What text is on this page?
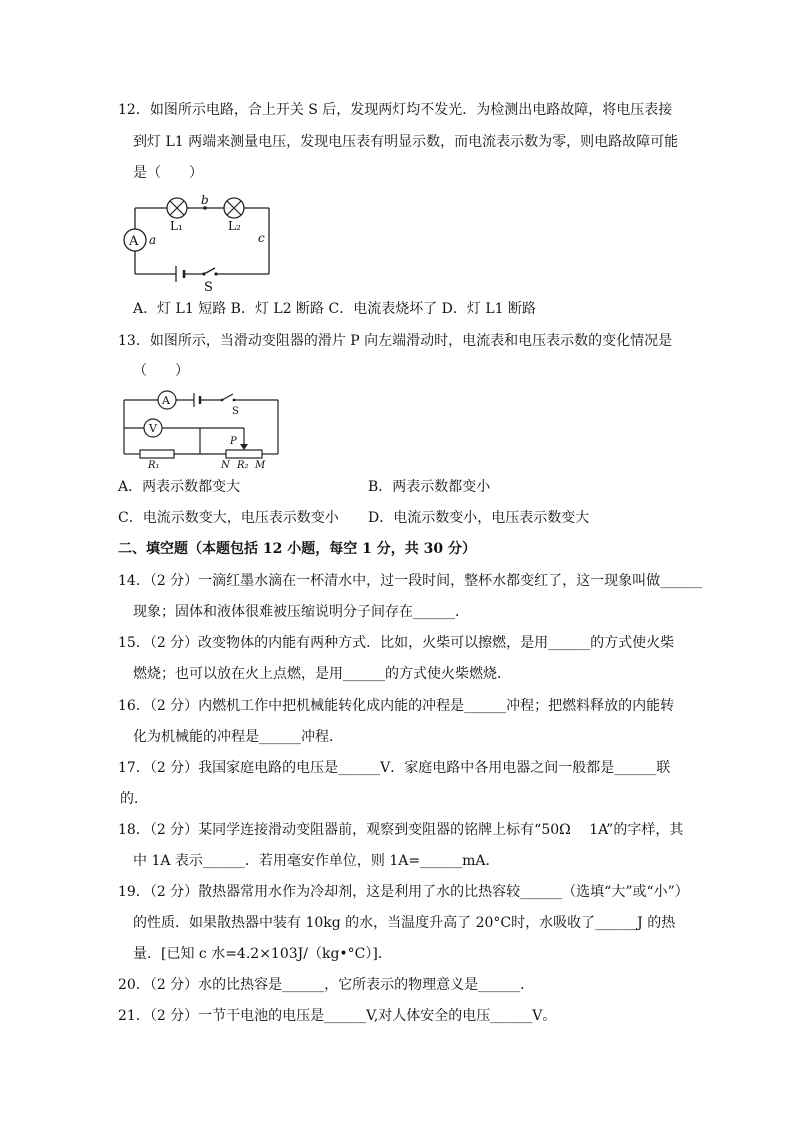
12．如图所示电路，合上开关 S 后，发现两灯均不发光．为检测出电路故障，将电压表接
到灯 L1 两端来测量电压，发现电压表有明显示数，而电流表示数为零，则电路故障可能
是（　　）
A a
L₁
b
L₂
c
S
A．灯 L1 短路 B．灯 L2 断路 C．电流表烧坏了 D．灯 L1 断路
13．如图所示，当滑动变阻器的滑片 P 向左端滑动时，电流表和电压表示数的变化情况是
（　　）
A
S
V
P
R₁	N R₂ M
A．两表示数都变大	B．两表示数都变小
C．电流示数变大，电压表示数变小 D．电流示数变小，电压表示数变大
二、填空题（本题包括 12 小题，每空 1 分，共 30 分）
14．（2 分）一滴红墨水滴在一杯清水中，过一段时间，整杯水都变红了，这一现象叫做______
现象；固体和液体很难被压缩说明分子间存在______．
15．（2 分）改变物体的内能有两种方式．比如，火柴可以擦燃，是用______的方式使火柴
燃烧；也可以放在火上点燃，是用______的方式使火柴燃烧．
16．（2 分）内燃机工作中把机械能转化成内能的冲程是______冲程；把燃料释放的内能转
化为机械能的冲程是______冲程．
17．（2 分）我国家庭电路的电压是______V．家庭电路中各用电器之间一般都是______联
的．
18．（2 分）某同学连接滑动变阻器前，观察到变阻器的铭牌上标有“50Ω　 1A”的字样，其
中 1A 表示______．若用毫安作单位，则 1A=______mA．
19．（2 分）散热器常用水作为冷却剂，这是利用了水的比热容较______（选填“大”或“小”）
的性质．如果散热器中装有 10kg 的水，当温度升高了 20°C时，水吸收了______J 的热
量．[已知 c 水=4.2×103J/（kg•°C）]．
20．（2 分）水的比热容是______，它所表示的物理意义是______．
21．（2 分）一节干电池的电压是______V,对人体安全的电压______V。
